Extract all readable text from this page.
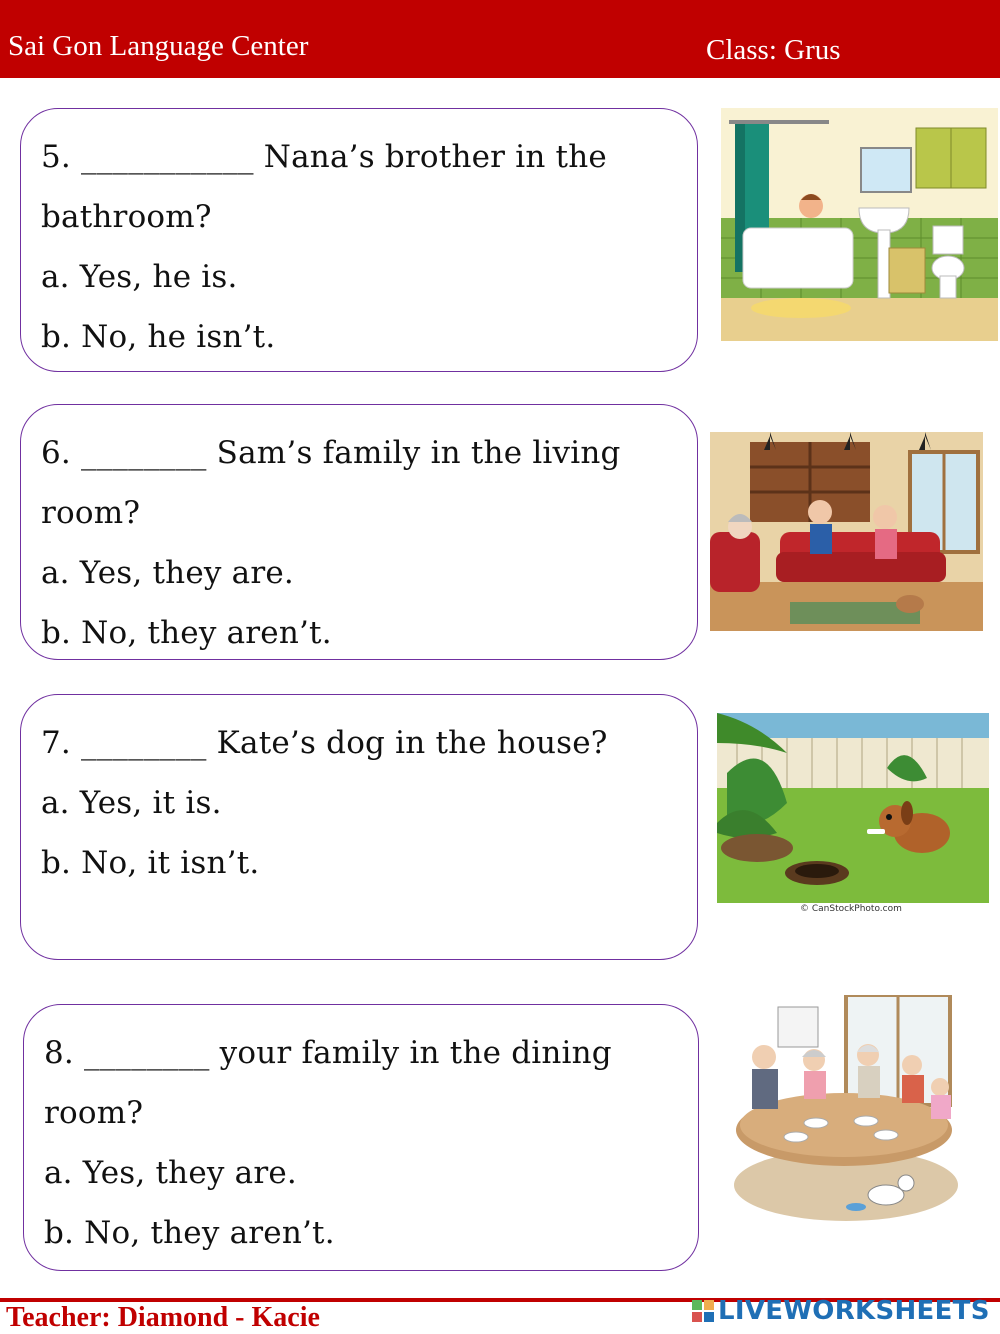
Sai Gon Language Center	Class: Grus
5. ___________ Nana’s brother in the
bathroom?
a. Yes, he is.
b. No, he isn’t.
6. ________ Sam’s family in the living
room?
a. Yes, they are.
b. No, they aren’t.
7. ________ Kate’s dog in the house?
a. Yes, it is.
b. No, it isn’t.
© CanStockPhoto.com
8. ________ your family in the dining
room?
a. Yes, they are.
b. No, they aren’t.
Teacher: Diamond - Kacie	LIVEWORKSHEETS
